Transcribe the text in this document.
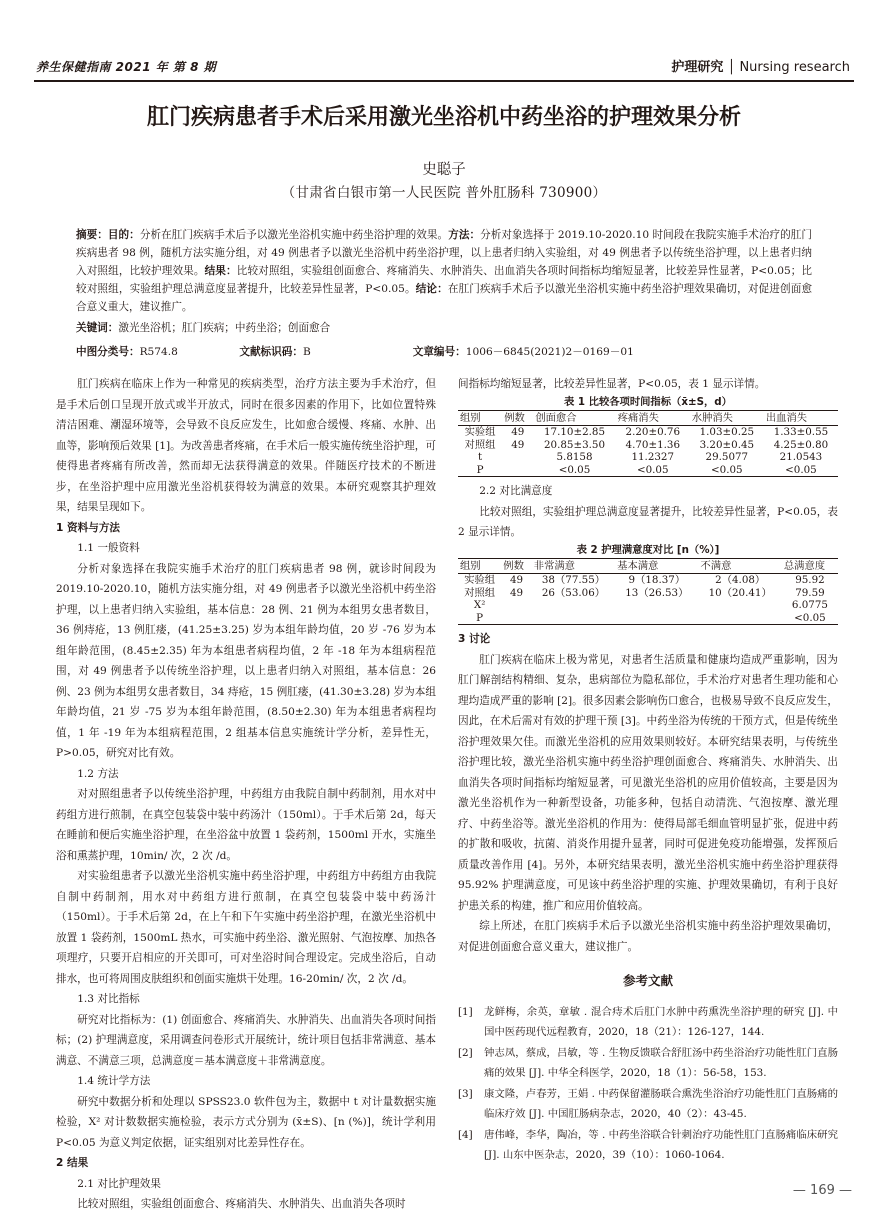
养生保健指南 2021 年 第 8 期	护理研究 │ Nursing research
肛门疾病患者手术后采用激光坐浴机中药坐浴的护理效果分析
史聪子
（甘肃省白银市第一人民医院 普外肛肠科 730900）
摘要：目的：分析在肛门疾病手术后予以激光坐浴机实施中药坐浴护理的效果。方法：分析对象选择于 2019.10-2020.10 时间段在我院实施手术治疗的肛门疾病患者 98 例，随机方法实施分组，对 49 例患者予以激光坐浴机中药坐浴护理，以上患者归纳入实验组，对 49 例患者予以传统坐浴护理，以上患者归纳入对照组，比较护理效果。结果：比较对照组，实验组创面愈合、疼痛消失、水肿消失、出血消失各项时间指标均缩短显著，比较差异性显著，P<0.05；比较对照组，实验组护理总满意度显著提升，比较差异性显著，P<0.05。结论：在肛门疾病手术后予以激光坐浴机实施中药坐浴护理效果确切，对促进创面愈合意义重大，建议推广。
关键词：激光坐浴机；肛门疾病；中药坐浴；创面愈合
中图分类号：R574.8	文献标识码：B	文章编号：1006－6845(2021)2－0169－01

肛门疾病在临床上作为一种常见的疾病类型，治疗方法主要为手术治疗，但是手术后创口呈现开放式或半开放式，同时在很多因素的作用下，比如位置特殊清洁困难、潮湿环境等，会导致不良反应发生，比如愈合缓慢、疼痛、水肿、出血等，影响预后效果 [1]。为改善患者疼痛，在手术后一般实施传统坐浴护理，可使得患者疼痛有所改善，然而却无法获得满意的效果。伴随医疗技术的不断进步，在坐浴护理中应用激光坐浴机获得较为满意的效果。本研究观察其护理效果，结果呈现如下。

1 资料与方法

1.1 一般资料

分析对象选择在我院实施手术治疗的肛门疾病患者 98 例，就诊时间段为 2019.10-2020.10，随机方法实施分组，对 49 例患者予以激光坐浴机中药坐浴护理，以上患者归纳入实验组，基本信息：28 例、21 例为本组男女患者数目，36 例痔疮，13 例肛瘘，(41.25±3.25) 岁为本组年龄均值，20 岁 -76 岁为本组年龄范围，(8.45±2.35) 年为本组患者病程均值，2 年 -18 年为本组病程范围，对 49 例患者予以传统坐浴护理，以上患者归纳入对照组，基本信息：26 例、23 例为本组男女患者数目，34 痔疮，15 例肛瘘，(41.30±3.28) 岁为本组年龄均值，21 岁 -75 岁为本组年龄范围，(8.50±2.30) 年为本组患者病程均值，1 年 -19 年为本组病程范围，2 组基本信息实施统计学分析，差异性无，P>0.05，研究对比有效。

1.2 方法

对对照组患者予以传统坐浴护理，中药组方由我院自制中药制剂，用水对中药组方进行煎制，在真空包装袋中装中药汤汁（150ml）。于手术后第 2d，每天在睡前和便后实施坐浴护理，在坐浴盆中放置 1 袋药剂，1500ml 开水，实施坐浴和熏蒸护理，10min/ 次，2 次 /d。

对实验组患者予以激光坐浴机实施中药坐浴护理，中药组方中药组方由我院自制中药制剂，用水对中药组方进行煎制，在真空包装袋中装中药汤汁（150ml）。于手术后第 2d，在上午和下午实施中药坐浴护理，在激光坐浴机中放置 1 袋药剂，1500mL 热水，可实施中药坐浴、激光照射、气泡按摩、加热各项理疗，只要开启相应的开关即可，可对坐浴时间合理设定。完成坐浴后，自动排水，也可将周围皮肤组织和创面实施烘干处理。16-20min/ 次，2 次 /d。

1.3 对比指标

研究对比指标为：(1) 创面愈合、疼痛消失、水肿消失、出血消失各项时间指标；(2) 护理满意度，采用调查问卷形式开展统计，统计项目包括非常满意、基本满意、不满意三项，总满意度＝基本满意度＋非常满意度。

1.4 统计学方法

研究中数据分析和处理以 SPSS23.0 软件包为主，数据中 t 对计量数据实施检验，X² 对计数数据实施检验，表示方式分别为 (x̄±S)、[n (%)]，统计学利用 P<0.05 为意义判定依据，证实组别对比差异性存在。

2 结果

2.1 对比护理效果

比较对照组，实验组创面愈合、疼痛消失、水肿消失、出血消失各项时

间指标均缩短显著，比较差异性显著，P<0.05，表 1 显示详情。

表 1 比较各项时间指标（x̄±S，d）
组别	例数	创面愈合	疼痛消失	水肿消失	出血消失
实验组	49	17.10±2.85	2.20±0.76	1.03±0.25	1.33±0.55
对照组	49	20.85±3.50	4.70±1.36	3.20±0.45	4.25±0.80
t		5.8158	11.2327	29.5077	21.0543
P		<0.05	<0.05	<0.05	<0.05

2.2 对比满意度

比较对照组，实验组护理总满意度显著提升，比较差异性显著，P<0.05，表 2 显示详情。

表 2 护理满意度对比 [n（%）]
组别	例数	非常满意	基本满意	不满意	总满意度
实验组	49	38（77.55）	9（18.37）	2（4.08）	95.92
对照组	49	26（53.06）	13（26.53）	10（20.41）	79.59
X²					6.0775
P					<0.05

3 讨论

肛门疾病在临床上极为常见，对患者生活质量和健康均造成严重影响，因为肛门解剖结构精细、复杂，患病部位为隐私部位，手术治疗对患者生理功能和心理均造成严重的影响 [2]。很多因素会影响伤口愈合，也极易导致不良反应发生，因此，在术后需对有效的护理干预 [3]。中药坐浴为传统的干预方式，但是传统坐浴护理效果欠佳。而激光坐浴机的应用效果则较好。本研究结果表明，与传统坐浴护理比较，激光坐浴机实施中药坐浴护理创面愈合、疼痛消失、水肿消失、出血消失各项时间指标均缩短显著，可见激光坐浴机的应用价值较高，主要是因为激光坐浴机作为一种新型设备，功能多种，包括自动清洗、气泡按摩、激光理疗、中药坐浴等。激光坐浴机的作用为：使得局部毛细血管明显扩张，促进中药的扩散和吸收，抗菌、消炎作用提升显著，同时可促进免疫功能增强，发挥预后质量改善作用 [4]。另外，本研究结果表明，激光坐浴机实施中药坐浴护理获得 95.92% 护理满意度，可见该中药坐浴护理的实施、护理效果确切，有利于良好护患关系的构建，推广和应用价值较高。

综上所述，在肛门疾病手术后予以激光坐浴机实施中药坐浴护理效果确切，对促进创面愈合意义重大，建议推广。

参考文献
[1]	龙鲜梅，余英，章敏 . 混合痔术后肛门水肿中药熏洗坐浴护理的研究 [J]. 中国中医药现代远程教育，2020，18（21）：126-127，144.
[2]	钟志凤，蔡成，吕敏，等 . 生物反馈联合舒肛汤中药坐浴治疗功能性肛门直肠痛的效果 [J]. 中华全科医学，2020，18（1）：56-58，153.
[3]	康文隆，卢春芳，王娟 . 中药保留灌肠联合熏洗坐浴治疗功能性肛门直肠痛的临床疗效 [J]. 中国肛肠病杂志，2020，40（2）：43-45.
[4]	唐伟峰，李华，陶冶，等 . 中药坐浴联合针刺治疗功能性肛门直肠痛临床研究 [J]. 山东中医杂志，2020，39（10）：1060-1064.
— 169 —
